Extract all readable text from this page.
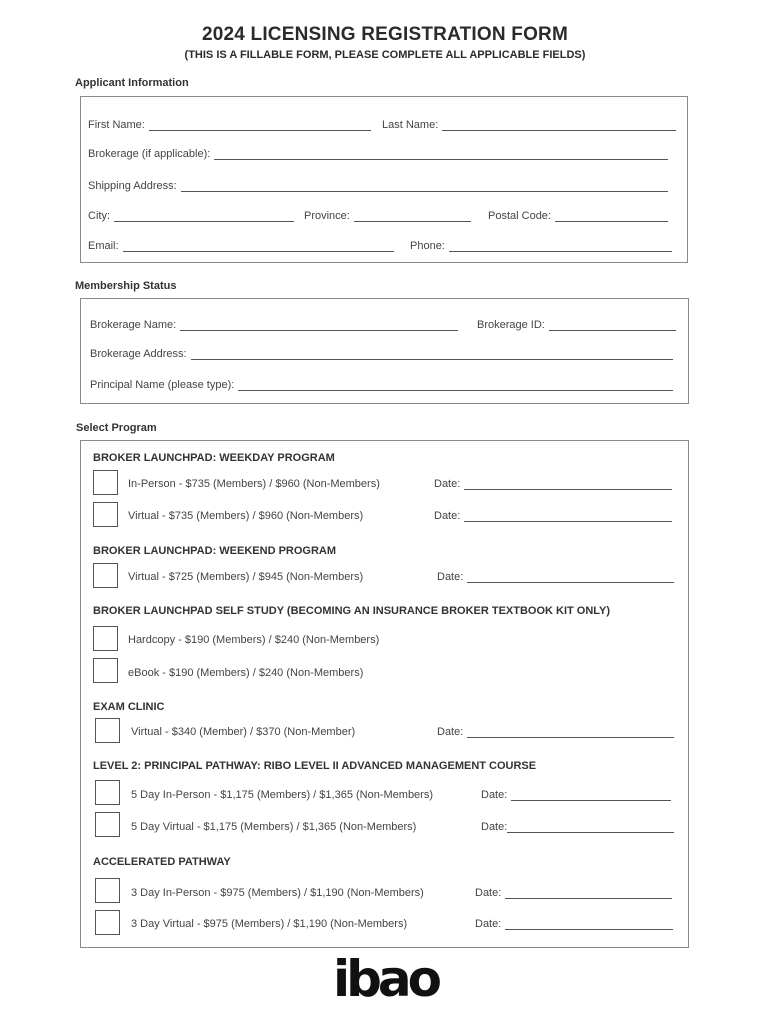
2024 LICENSING REGISTRATION FORM
(THIS IS A FILLABLE FORM, PLEASE COMPLETE ALL APPLICABLE FIELDS)
Applicant Information
First Name:	Last Name:
Brokerage (if applicable):
Shipping Address:
City:	Province:	Postal Code:
Email:	Phone:
Membership Status
Brokerage Name:	Brokerage ID:
Brokerage Address:
Principal Name (please type):
Select Program
BROKER LAUNCHPAD: WEEKDAY PROGRAM
In-Person - $735 (Members) / $960 (Non-Members)	Date:
Virtual - $735 (Members) / $960 (Non-Members)	Date:
BROKER LAUNCHPAD: WEEKEND PROGRAM
Virtual - $725 (Members) / $945 (Non-Members)	Date:
BROKER LAUNCHPAD SELF STUDY (BECOMING AN INSURANCE BROKER TEXTBOOK KIT ONLY)
Hardcopy - $190 (Members) / $240 (Non-Members)
eBook - $190 (Members) / $240 (Non-Members)
EXAM CLINIC
Virtual - $340 (Member) / $370 (Non-Member)	Date:
LEVEL 2: PRINCIPAL PATHWAY: RIBO LEVEL II ADVANCED MANAGEMENT COURSE
5 Day In-Person - $1,175 (Members) / $1,365 (Non-Members)	Date:
5 Day Virtual - $1,175 (Members) / $1,365 (Non-Members)	Date:
ACCELERATED PATHWAY
3 Day In-Person - $975 (Members) / $1,190 (Non-Members)	Date:
3 Day Virtual - $975 (Members) / $1,190 (Non-Members)	Date:
ibao
